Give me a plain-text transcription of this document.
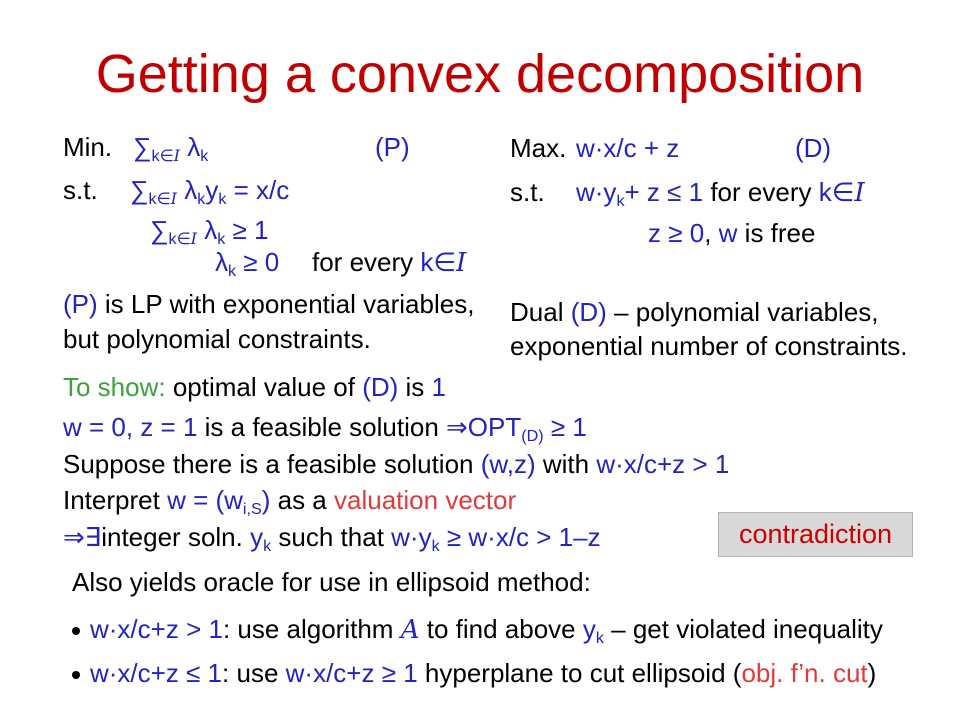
Getting a convex decomposition
Min. ∑k∈I λk	(P)
s.t. ∑k∈I λkyk = x/c
∑k∈I λk ≥ 1
λk ≥ 0 for every k∈I
(P) is LP with exponential variables,
but polynomial constraints.
Max. w·x/c + z	(D)
s.t. w·yk+ z ≤ 1 for every k∈I
z ≥ 0, w is free
Dual (D) – polynomial variables,
exponential number of constraints.
To show: optimal value of (D) is 1
w = 0, z = 1 is a feasible solution ⇒OPT(D) ≥ 1
Suppose there is a feasible solution (w,z) with w·x/c+z > 1
Interpret w = (wi,S) as a valuation vector
⇒∃integer soln. yk such that w·yk ≥ w·x/c > 1–z	contradiction
Also yields oracle for use in ellipsoid method:
w·x/c+z > 1: use algorithm A to find above yk – get violated inequality
w·x/c+z ≤ 1: use w·x/c+z ≥ 1 hyperplane to cut ellipsoid (obj. f’n. cut)
